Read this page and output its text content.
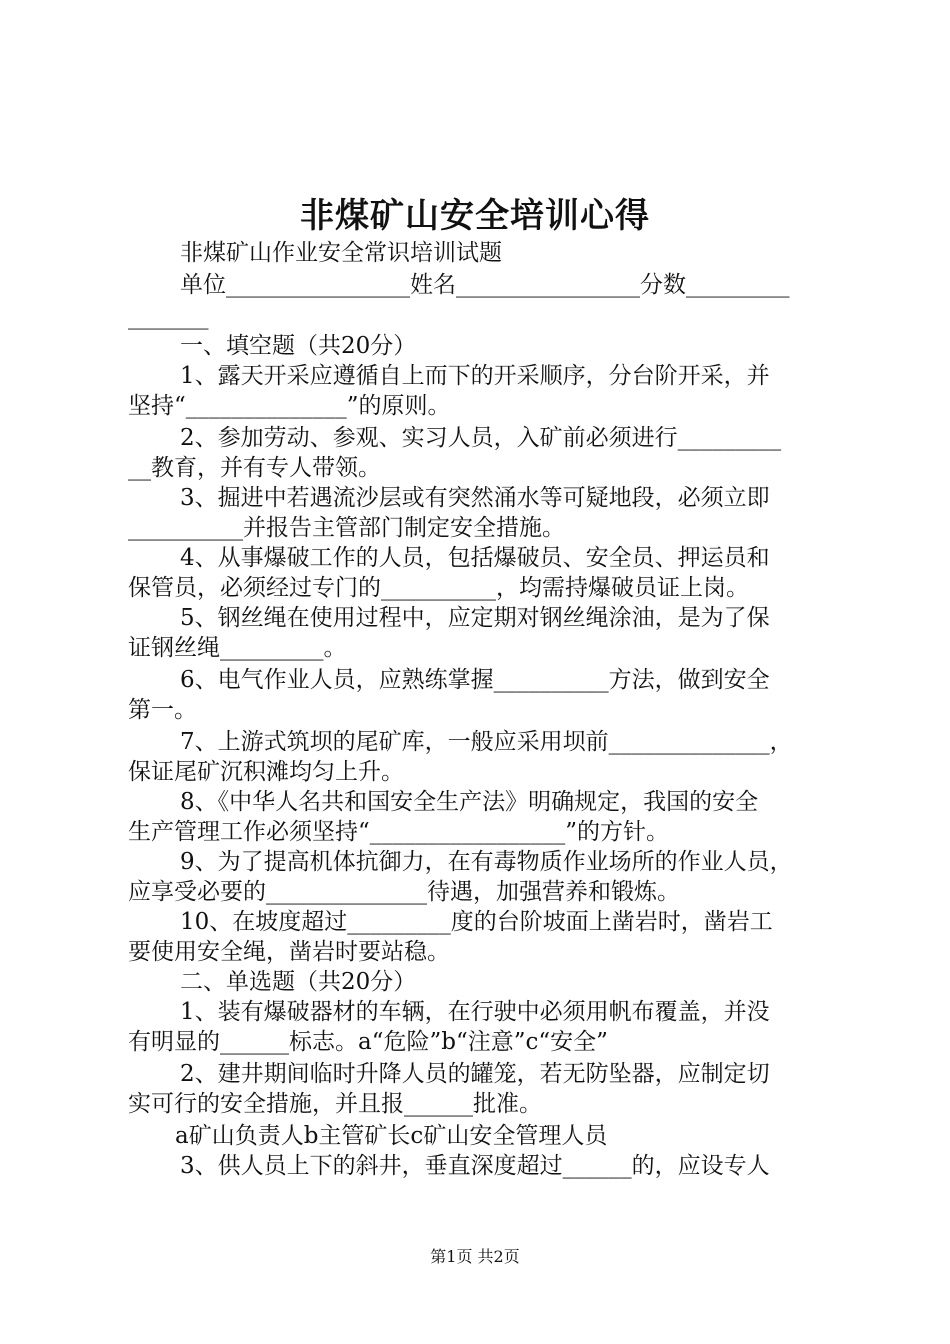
非煤矿山安全培训心得
非煤矿山作业安全常识培训试题
单位________________姓名________________分数_________
_______
一、填空题（共20分）
1、露天开采应遵循自上而下的开采顺序，分台阶开采，并
坚持“______________”的原则。
2、参加劳动、参观、实习人员，入矿前必须进行_________
__教育，并有专人带领。
3、掘进中若遇流沙层或有突然涌水等可疑地段，必须立即
__________并报告主管部门制定安全措施。
4、从事爆破工作的人员，包括爆破员、安全员、押运员和
保管员，必须经过专门的__________，均需持爆破员证上岗。
5、钢丝绳在使用过程中，应定期对钢丝绳涂油，是为了保
证钢丝绳_________。
6、电气作业人员，应熟练掌握__________方法，做到安全
第一。
7、上游式筑坝的尾矿库，一般应采用坝前______________，
保证尾矿沉积滩均匀上升。
8、《中华人名共和国安全生产法》明确规定，我国的安全
生产管理工作必须坚持“_________________”的方针。
9、为了提高机体抗御力，在有毒物质作业场所的作业人员，
应享受必要的______________待遇，加强营养和锻炼。
10、在坡度超过_________度的台阶坡面上凿岩时，凿岩工
要使用安全绳，凿岩时要站稳。
二、单选题（共20分）
1、装有爆破器材的车辆，在行驶中必须用帆布覆盖，并没
有明显的______标志。a“危险”b“注意”c“安全”
2、建井期间临时升降人员的罐笼，若无防坠器，应制定切
实可行的安全措施，并且报______批准。
a矿山负责人b主管矿长c矿山安全管理人员
3、供人员上下的斜井，垂直深度超过______的，应设专人
第1页 共2页
